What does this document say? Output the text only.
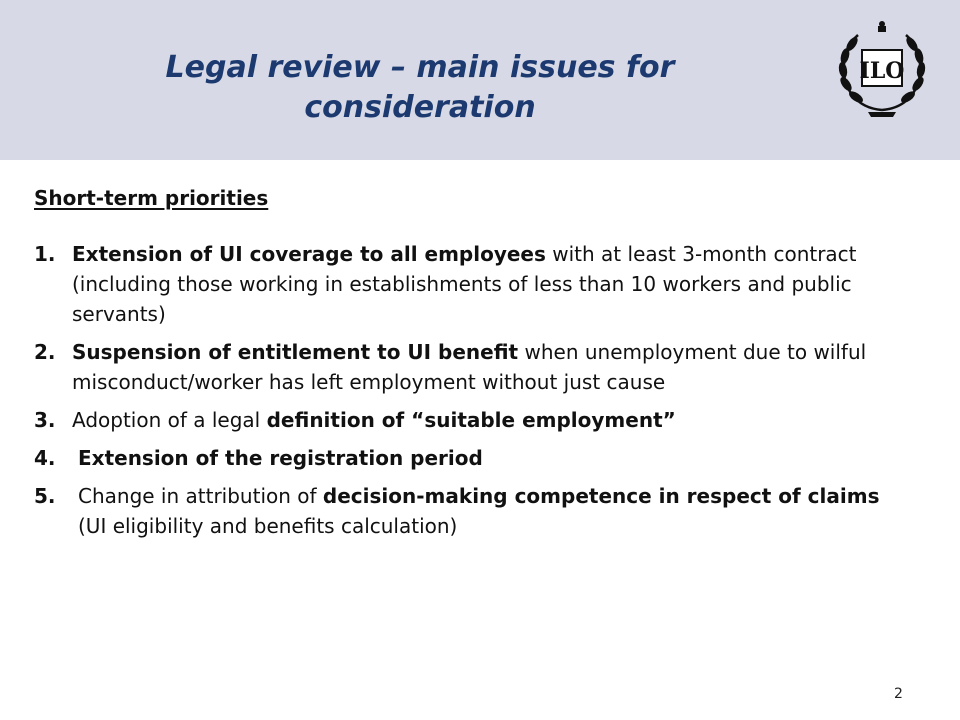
Legal review – main issues for consideration
ILO

Short-term priorities

1. Extension of UI coverage to all employees with at least 3-month contract (including those working in establishments of less than 10 workers and public servants)
2. Suspension of entitlement to UI benefit when unemployment due to wilful misconduct/worker has left employment without just cause
3. Adoption of a legal definition of “suitable employment”
4.	Extension of the registration period
5.	Change in attribution of decision-making competence in respect of claims (UI eligibility and benefits calculation)
2
